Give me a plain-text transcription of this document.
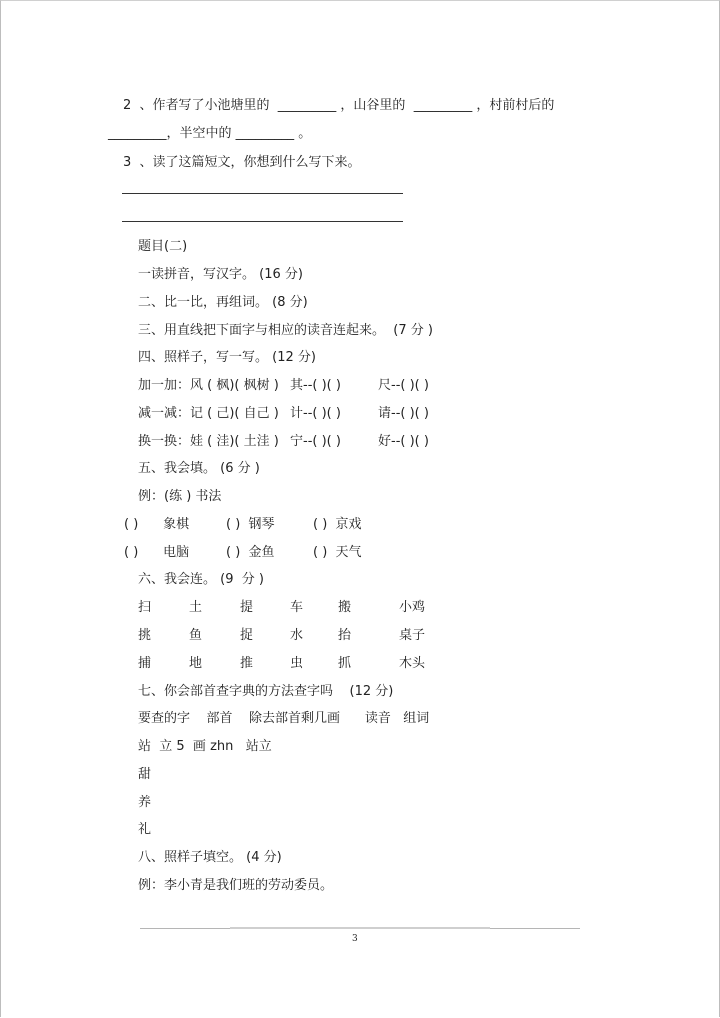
2  、作者写了小池塘里的  _________ ，山谷里的  _________ ，村前村后的
_________，半空中的 _________ 。
3  、读了这篇短文，你想到什么写下来。
题目(二)
一读拼音，写汉字。 (16 分)
二、比一比，再组词。 (8 分)
三、用直线把下面字与相应的读音连起来。  (7 分 )
四、照样子，写一写。 (12 分)
加一加：风 ( 枫)( 枫树 ) 其--( )( )	尺--( )( )
减一减：记 ( 己)( 自己 ) 计--( )( )	请--( )( )
换一换：娃 ( 洼)( 土洼 ) 宁--( )( )	好--( )( )
五、我会填。 (6 分 )
例：(练 ) 书法
( )      象棋	( )  钢琴	( )  京戏
( )      电脑	( )  金鱼	( )  天气
六、我会连。 (9  分 )
扫	土	提	车	搬	小鸡
挑	鱼	捉	水	抬	桌子
捕	地	推	虫	抓	木头
七、你会部首查字典的方法查字吗    (12 分)
要查的字    部首    除去部首剩几画      读音   组词
站  立 5  画 zhn   站立
甜
养
礼
八、照样子填空。 (4 分)
例：李小青是我们班的劳动委员。
3
